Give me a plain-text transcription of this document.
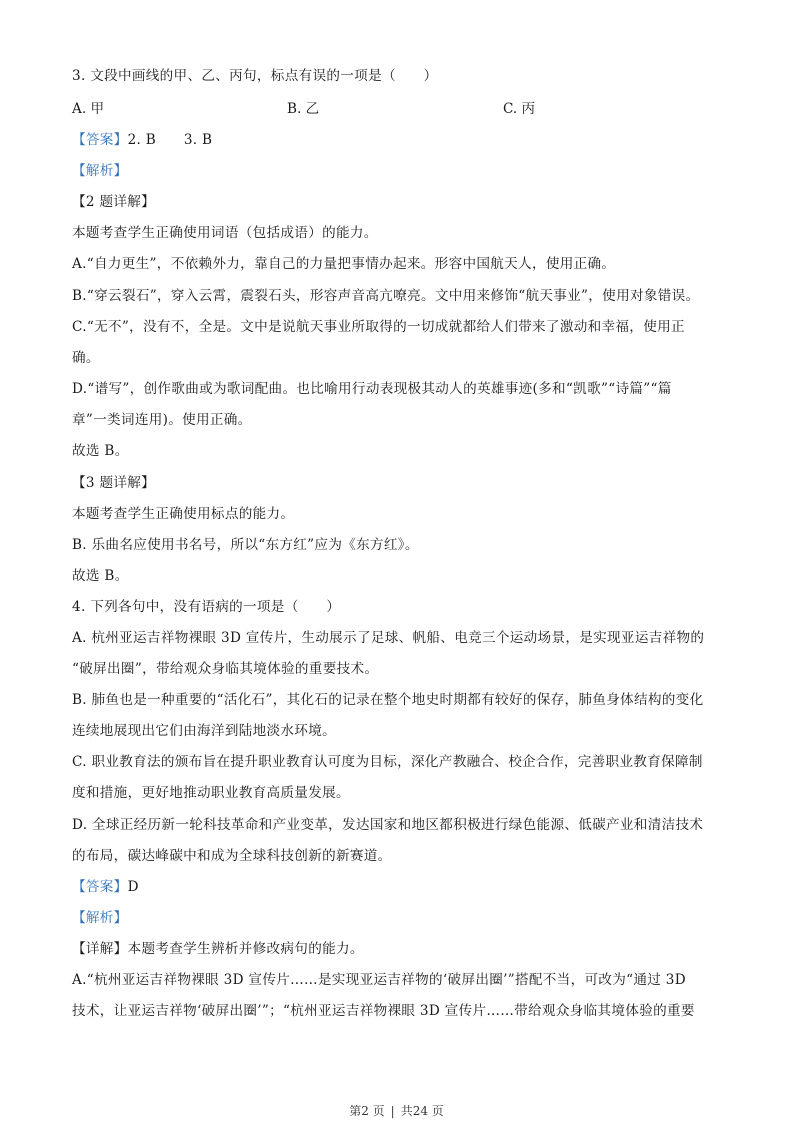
3. 文段中画线的甲、乙、丙句，标点有误的一项是（　　）
A. 甲	B. 乙	C. 丙
【答案】2. B　　3. B
【解析】
【2 题详解】
本题考查学生正确使用词语（包括成语）的能力。
A.“自力更生”，不依赖外力，靠自己的力量把事情办起来。形容中国航天人，使用正确。
B.“穿云裂石”，穿入云霄，震裂石头，形容声音高亢嘹亮。文中用来修饰“航天事业”，使用对象错误。
C.“无不”，没有不，全是。文中是说航天事业所取得的一切成就都给人们带来了激动和幸福，使用正
确。
D.“谱写”，创作歌曲或为歌词配曲。也比喻用行动表现极其动人的英雄事迹(多和“凯歌”“诗篇”“篇
章”一类词连用)。使用正确。
故选 B。
【3 题详解】
本题考查学生正确使用标点的能力。
B. 乐曲名应使用书名号，所以“东方红”应为《东方红》。
故选 B。
4. 下列各句中，没有语病的一项是（　　）
A. 杭州亚运吉祥物裸眼 3D 宣传片，生动展示了足球、帆船、电竞三个运动场景，是实现亚运吉祥物的
“破屏出圈”，带给观众身临其境体验的重要技术。
B. 肺鱼也是一种重要的“活化石”，其化石的记录在整个地史时期都有较好的保存，肺鱼身体结构的变化
连续地展现出它们由海洋到陆地淡水环境。
C. 职业教育法的颁布旨在提升职业教育认可度为目标，深化产教融合、校企合作，完善职业教育保障制
度和措施，更好地推动职业教育高质量发展。
D. 全球正经历新一轮科技革命和产业变革，发达国家和地区都积极进行绿色能源、低碳产业和清洁技术
的布局，碳达峰碳中和成为全球科技创新的新赛道。
【答案】D
【解析】
【详解】本题考查学生辨析并修改病句的能力。
A.“杭州亚运吉祥物裸眼 3D 宣传片……是实现亚运吉祥物的‘破屏出圈’”搭配不当，可改为“通过 3D
技术，让亚运吉祥物‘破屏出圈’”；“杭州亚运吉祥物裸眼 3D 宣传片……带给观众身临其境体验的重要
第2 页 | 共24 页
